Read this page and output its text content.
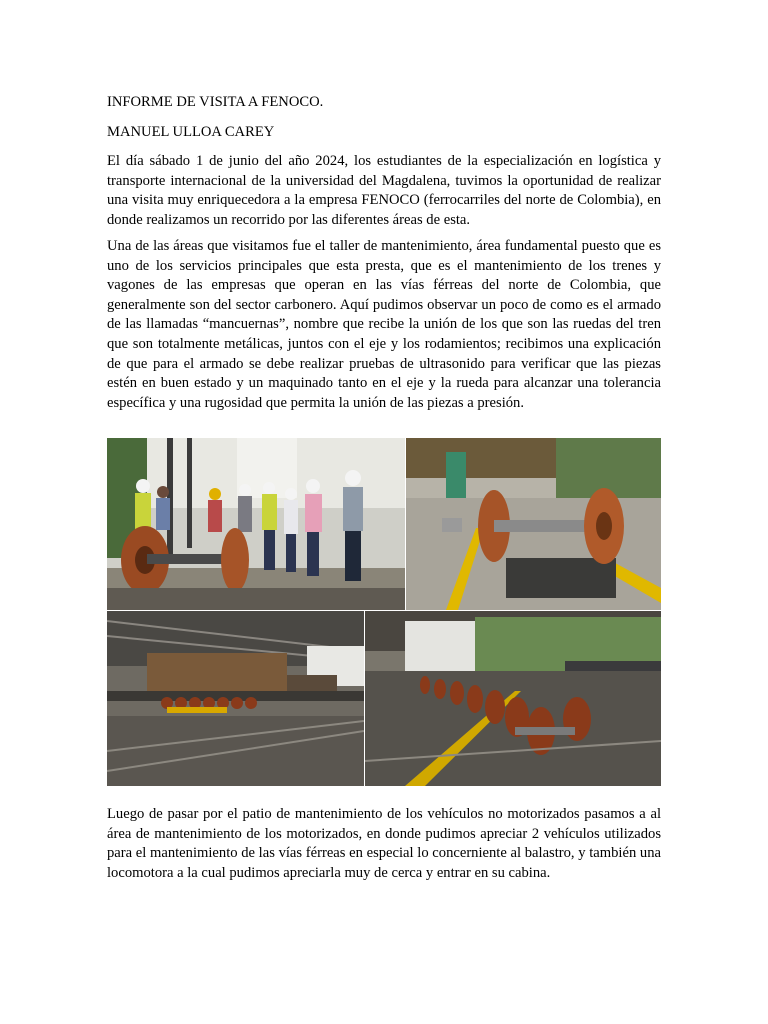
INFORME DE VISITA A FENOCO.
MANUEL ULLOA CAREY

El día sábado 1 de junio del año 2024, los estudiantes de la especialización en logística y transporte internacional de la universidad del Magdalena, tuvimos la oportunidad de realizar una visita muy enriquecedora a la empresa FENOCO (ferrocarriles del norte de Colombia), en donde realizamos un recorrido por las diferentes áreas de esta.

Una de las áreas que visitamos fue el taller de mantenimiento, área fundamental puesto que es uno de los servicios principales que esta presta, que es el mantenimiento de los trenes y vagones de las empresas que operan en las vías férreas del norte de Colombia, que generalmente son del sector carbonero. Aquí pudimos observar un poco de como es el armado de las llamadas “mancuernas”, nombre que recibe la unión de los que son las ruedas del tren que son totalmente metálicas, juntos con el eje y los rodamientos; recibimos una explicación de que para el armado se debe realizar pruebas de ultrasonido para verificar que las piezas estén en buen estado y un maquinado tanto en el eje y la rueda para alcanzar una tolerancia específica y una rugosidad que permita la unión de las piezas a presión.

Luego de pasar por el patio de mantenimiento de los vehículos no motorizados pasamos a al área de mantenimiento de los motorizados, en donde pudimos apreciar 2 vehículos utilizados para el mantenimiento de las vías férreas en especial lo concerniente al balastro, y también una locomotora a la cual pudimos apreciarla muy de cerca y entrar en su cabina.
